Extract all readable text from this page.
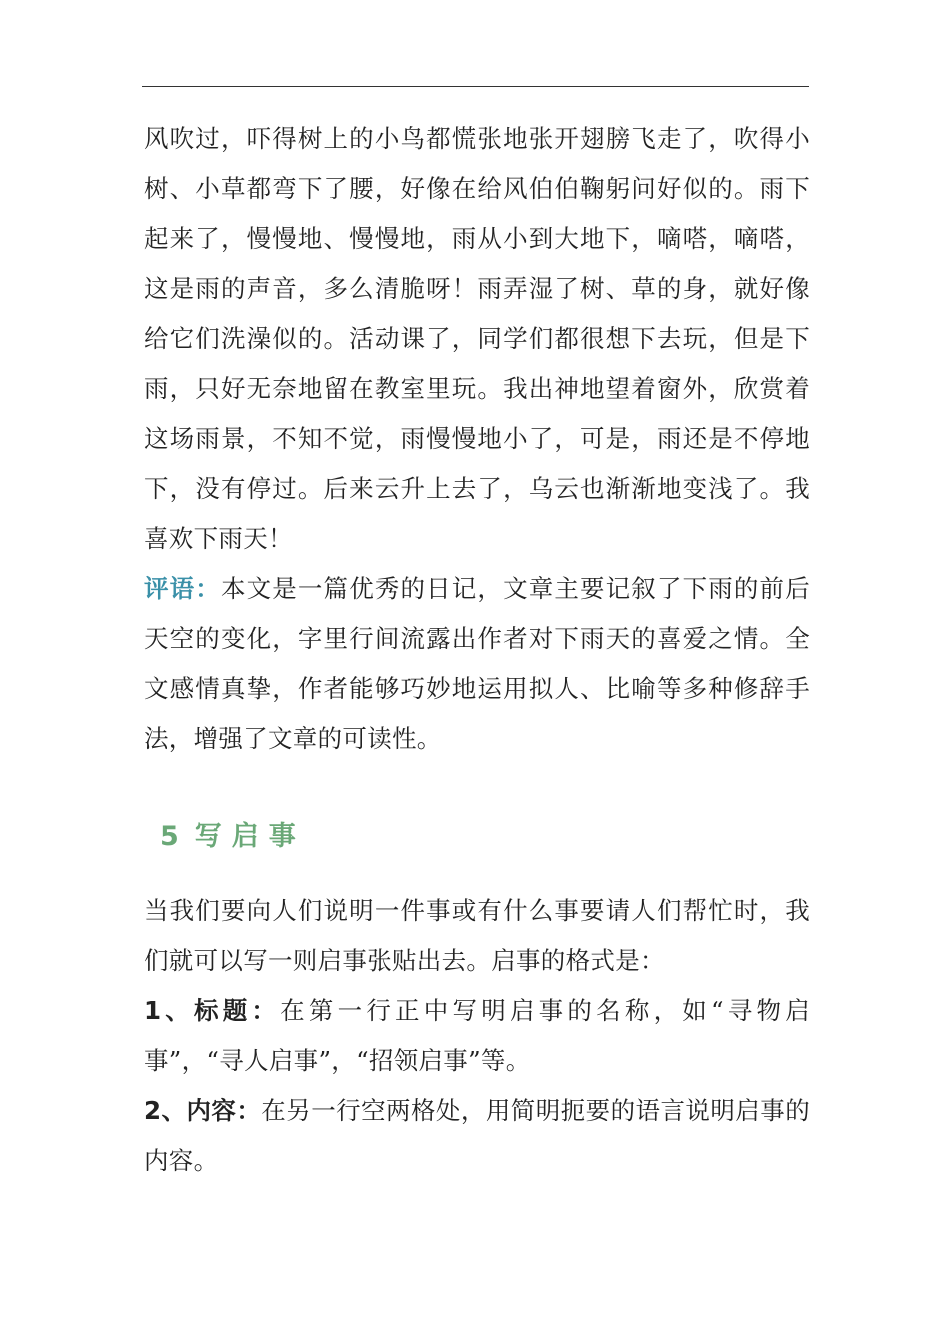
风吹过，吓得树上的小鸟都慌张地张开翅膀飞走了，吹得小树、小草都弯下了腰，好像在给风伯伯鞠躬问好似的。雨下起来了，慢慢地、慢慢地，雨从小到大地下，嘀嗒，嘀嗒，这是雨的声音，多么清脆呀！雨弄湿了树、草的身，就好像给它们洗澡似的。活动课了，同学们都很想下去玩，但是下雨，只好无奈地留在教室里玩。我出神地望着窗外，欣赏着这场雨景，不知不觉，雨慢慢地小了，可是，雨还是不停地下，没有停过。后来云升上去了，乌云也渐渐地变浅了。我喜欢下雨天！

评语：本文是一篇优秀的日记，文章主要记叙了下雨的前后天空的变化，字里行间流露出作者对下雨天的喜爱之情。全文感情真挚，作者能够巧妙地运用拟人、比喻等多种修辞手法，增强了文章的可读性。

5 写启事

当我们要向人们说明一件事或有什么事要请人们帮忙时，我们就可以写一则启事张贴出去。启事的格式是：

1、标题：在第一行正中写明启事的名称，如“寻物启事”，“寻人启事”，“招领启事”等。

2、内容：在另一行空两格处，用简明扼要的语言说明启事的内容。
